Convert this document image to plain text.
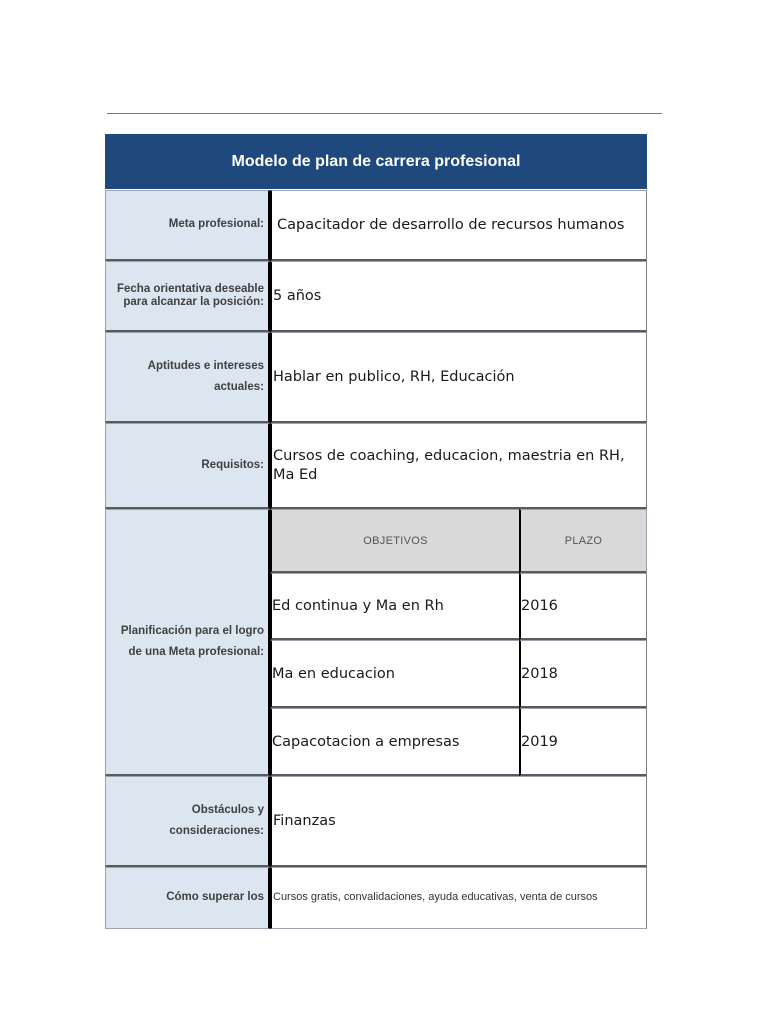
Modelo de plan de carrera profesional
Meta profesional: Capacitador de desarrollo de recursos humanos
Fecha orientativa deseable para alcanzar la posición: 5 años
Aptitudes e intereses actuales:
Hablar en publico, RH, Educación
Requisitos:
Cursos de coaching, educacion, maestria en RH, Ma Ed
Planificación para el logro de una Meta profesional:
OBJETIVOS	PLAZO
Ed continua y Ma en Rh	2016
Ma en educacion	2018
Capacotacion a empresas	2019
Obstáculos y consideraciones:
Finanzas
Cómo superar los Cursos gratis, convalidaciones, ayuda educativas, venta de cursos
